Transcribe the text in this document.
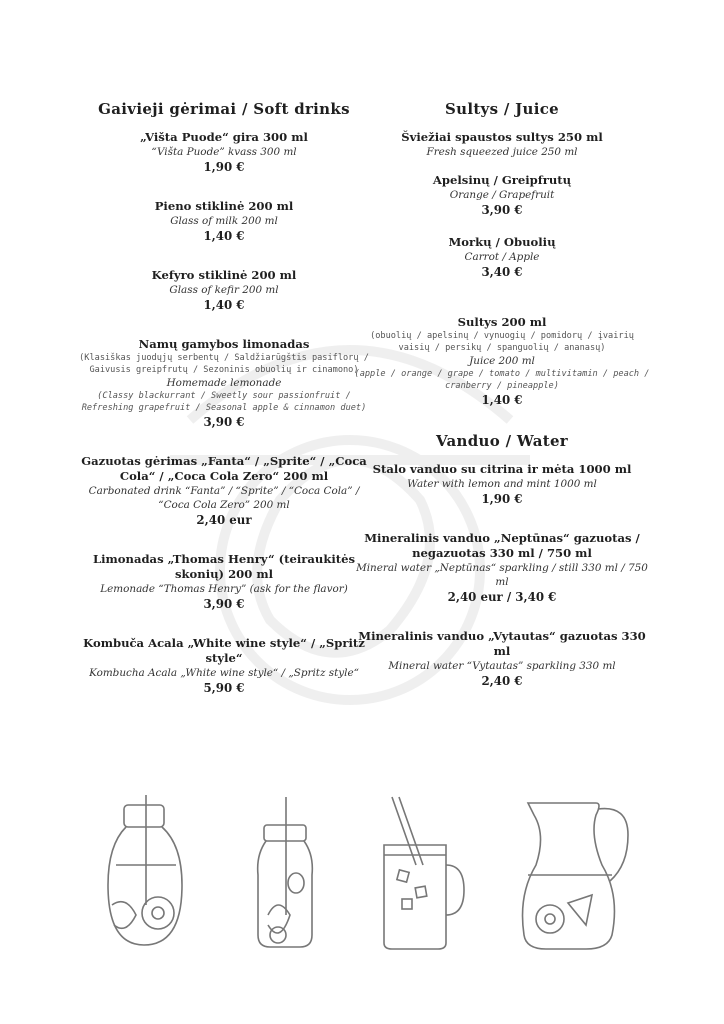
Gaivieji gėrimai / Soft drinks
„Višta Puode“ gira 300 ml
“Višta Puode” kvass 300 ml
1,90 €
Pieno stiklinė 200 ml
Glass of milk 200 ml
1,40 €
Kefyro stiklinė 200 ml
Glass of kefir 200 ml
1,40 €
Namų gamybos limonadas
(Klasiškas juodųjų serbentų / Saldžiarūgštis pasiflorų / Gaivusis greipfrutų / Sezoninis obuolių ir cinamono)
Homemade lemonade
(Classy blackurrant / Sweetly sour passionfruit / Refreshing grapefruit / Seasonal apple & cinnamon duet)
3,90 €
Gazuotas gėrimas „Fanta“ / „Sprite“ / „Coca Cola“ / „Coca Cola Zero“ 200 ml
Carbonated drink “Fanta” / “Sprite” / “Coca Cola” / “Coca Cola Zero” 200 ml
2,40 eur
Limonadas „Thomas Henry“ (teiraukitės skonių) 200 ml
Lemonade “Thomas Henry” (ask for the flavor)
3,90 €
Kombuča Acala „White wine style“ / „Spritz style“
Kombucha Acala „White wine style“ / „Spritz style“
5,90 €
Sultys / Juice
Šviežiai spaustos sultys 250 ml
Fresh squeezed juice 250 ml
Apelsinų / Greipfrutų
Orange / Grapefruit
3,90 €
Morkų / Obuolių
Carrot / Apple
3,40 €
Sultys 200 ml
(obuolių / apelsinų / vynuogių / pomidorų / įvairių vaisių / persikų / spanguolių / ananasų)
Juice 200 ml
(apple / orange / grape / tomato / multivitamin / peach / cranberry / pineapple)
1,40 €
Vanduo / Water
Stalo vanduo su citrina ir mėta 1000 ml
Water with lemon and mint 1000 ml
1,90 €
Mineralinis vanduo „Neptūnas“ gazuotas / negazuotas 330 ml / 750 ml
Mineral water „Neptūnas“ sparkling / still 330 ml / 750 ml
2,40 eur / 3,40 €
Mineralinis vanduo „Vytautas“ gazuotas 330 ml
Mineral water “Vytautas” sparkling 330 ml
2,40 €
